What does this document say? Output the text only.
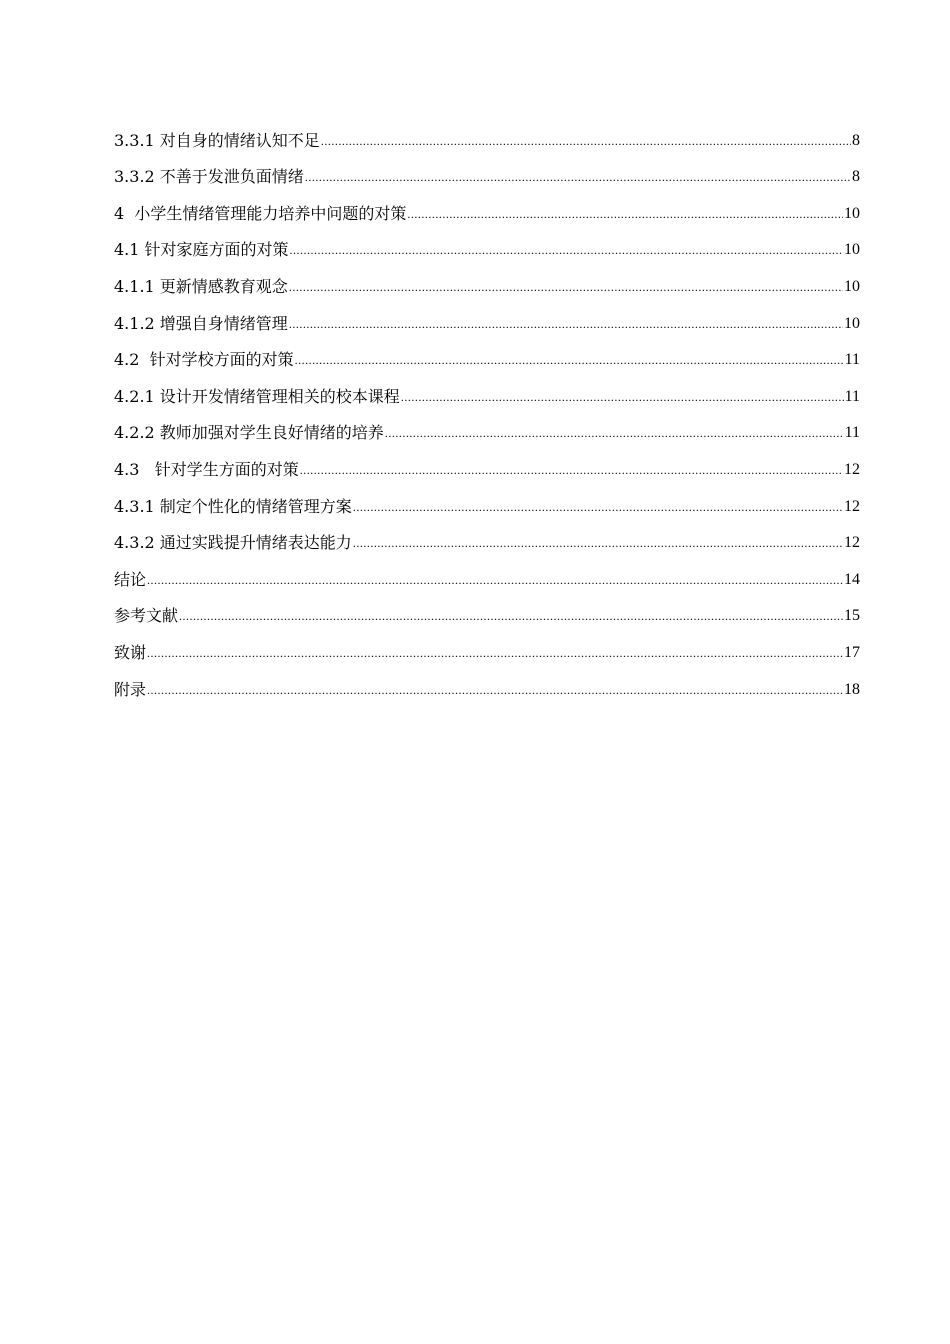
3.3.1 对自身的情绪认知不足 .....	8
3.3.2 不善于发泄负面情绪 .....	8
4  小学生情绪管理能力培养中问题的对策 .....	10
4.1 针对家庭方面的对策 .....	10
4.1.1 更新情感教育观念 .....	10
4.1.2 增强自身情绪管理 .....	10
4.2  针对学校方面的对策 .....	11
4.2.1 设计开发情绪管理相关的校本课程 .....	11
4.2.2 教师加强对学生良好情绪的培养 .....	11
4.3   针对学生方面的对策 .....	12
4.3.1 制定个性化的情绪管理方案 .....	12
4.3.2 通过实践提升情绪表达能力 .....	12
结论 .....	14
参考文献 .....	15
致谢 .....	17
附录 .....	18
